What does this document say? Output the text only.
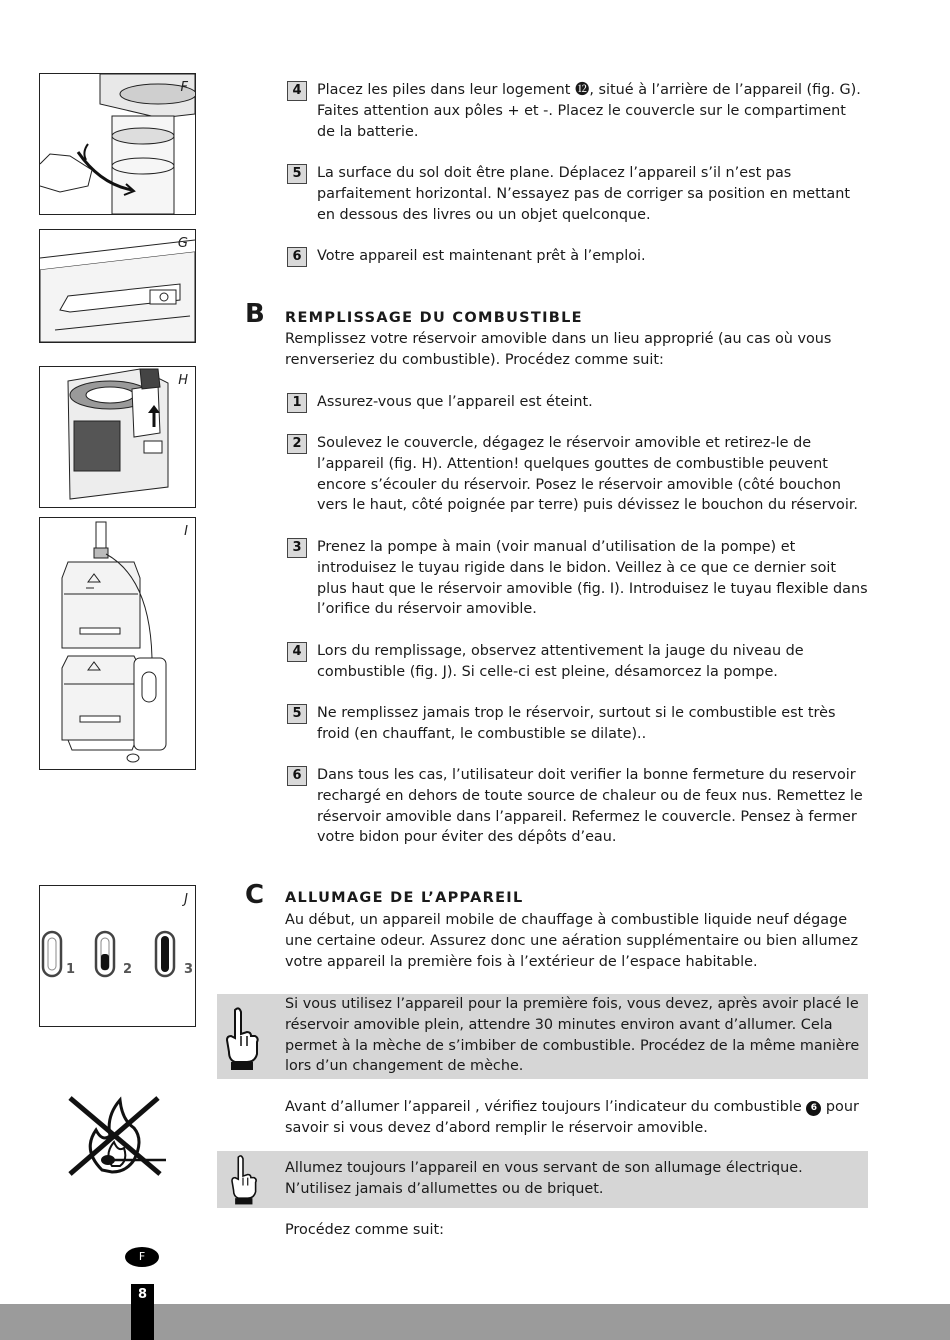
F
G
H
I
J
1	2	3
4	Placez les piles dans leur logement ⓬, situé à l’arrière de l’appareil (fig. G). Faites attention aux pôles + et -. Placez le couvercle sur le compartiment de la batterie.
5	La surface du sol doit être plane. Déplacez l’appareil s’il n’est pas parfaitement horizontal. N’essayez pas de corriger sa position en mettant en dessous des livres ou un objet quelconque.
6	Votre appareil est maintenant prêt à l’emploi.
B REMPLISSAGE DU COMBUSTIBLE
Remplissez votre réservoir amovible dans un lieu approprié (au cas où vous renverseriez du combustible). Procédez comme suit:
1	Assurez-vous que l’appareil est éteint.
2	Soulevez le couvercle, dégagez le réservoir amovible et retirez-le de l’appareil (fig. H). Attention! quelques gouttes de combustible peuvent encore s’écouler du réservoir. Posez le réservoir amovible (côté bouchon vers le haut, côté poignée par terre) puis dévissez le bouchon du réservoir.
3	Prenez la pompe à main (voir manual d’utilisation de la pompe) et introduisez le tuyau rigide dans le bidon. Veillez à ce que ce dernier soit plus haut que le réservoir amovible (fig. I). Introduisez le tuyau flexible dans l’orifice du réservoir amovible.
4	Lors du remplissage, observez attentivement la jauge du niveau de combustible (fig. J). Si celle-ci est pleine, désamorcez la pompe.
5	Ne remplissez jamais trop le réservoir, surtout si le combustible est très froid (en chauffant, le combustible se dilate)..
6	Dans tous les cas, l’utilisateur doit verifier la bonne fermeture du reservoir rechargé en dehors de toute source de chaleur ou de feux nus. Remettez le réservoir amovible dans l’appareil. Refermez le couvercle. Pensez à fermer votre bidon pour éviter des dépôts d’eau.
C ALLUMAGE DE L’APPAREIL
Au début, un appareil mobile de chauffage à combustible liquide neuf dégage une certaine odeur. Assurez donc une aération supplémentaire ou bien allumez votre appareil la première fois à l’extérieur de l’espace habitable.
Si vous utilisez l’appareil pour la première fois, vous devez, après avoir placé le réservoir amovible plein, attendre 30 minutes environ avant d’allumer. Cela permet à la mèche de s’imbiber de combustible. Procédez de la même manière lors d’un changement de mèche.
Avant d’allumer l’appareil , vérifiez toujours l’indicateur du combustible 6 pour savoir si vous devez d’abord remplir le réservoir amovible.
Allumez toujours l’appareil en vous servant de son allumage électrique.
N’utilisez jamais d’allumettes ou de briquet.
Procédez comme suit:
F
8
